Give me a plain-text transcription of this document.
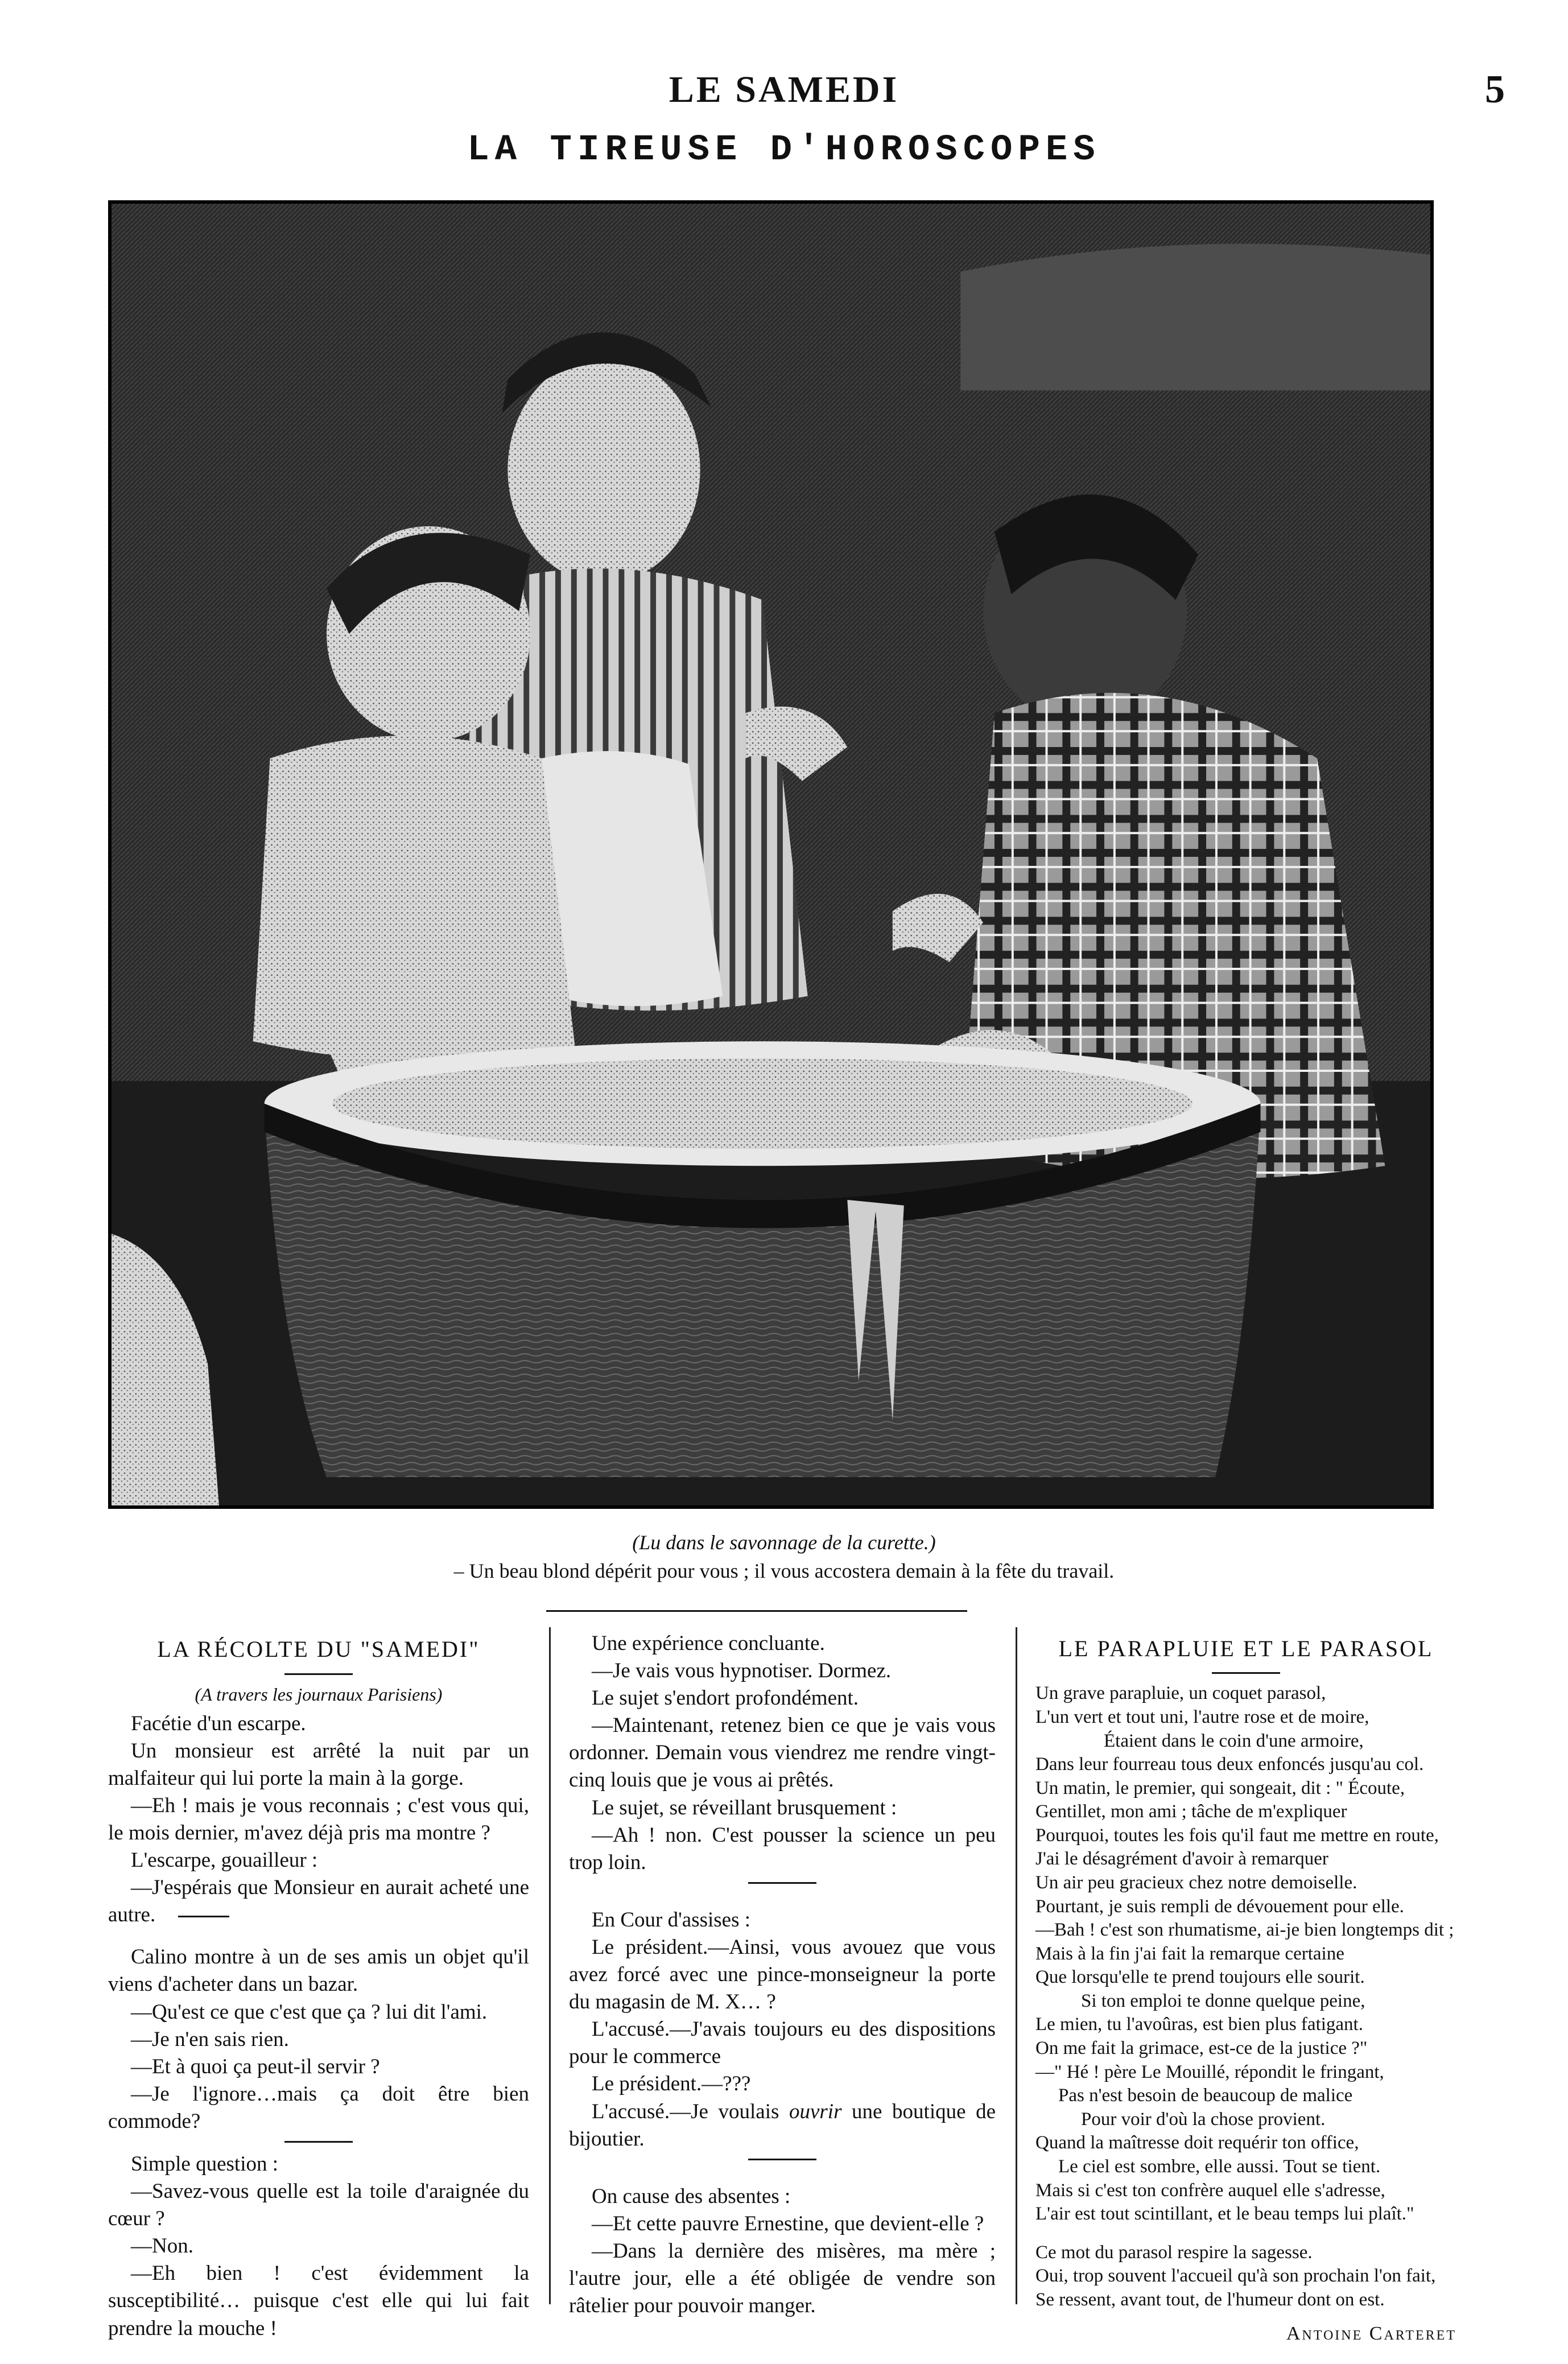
LE SAMEDI	5
LA TIREUSE D'HOROSCOPES
(Lu dans le savonnage de la curette.)
– Un beau blond dépérit pour vous ; il vous accostera demain à la fête du travail.

LA RÉCOLTE DU "SAMEDI"

(A travers les journaux Parisiens)

Facétie d'un escarpe.

Un monsieur est arrêté la nuit par un malfaiteur qui lui porte la main à la gorge.

—Eh ! mais je vous reconnais ; c'est vous qui, le mois dernier, m'avez déjà pris ma montre ?

L'escarpe, gouailleur :

—J'espérais que Monsieur en aurait acheté une autre.

Calino montre à un de ses amis un objet qu'il viens d'acheter dans un bazar.

—Qu'est ce que c'est que ça ? lui dit l'ami.

—Je n'en sais rien.

—Et à quoi ça peut-il servir ?

—Je l'ignore…mais ça doit être bien commode?

Simple question :

—Savez-vous quelle est la toile d'araignée du cœur ?

—Non.

—Eh bien ! c'est évidemment la susceptibilité… puisque c'est elle qui lui fait prendre la mouche !

Une expérience concluante.

—Je vais vous hypnotiser. Dormez.

Le sujet s'endort profondément.

—Maintenant, retenez bien ce que je vais vous ordonner. Demain vous viendrez me rendre vingt-cinq louis que je vous ai prêtés.

Le sujet, se réveillant brusquement :

—Ah ! non. C'est pousser la science un peu trop loin.

En Cour d'assises :

Le président.—Ainsi, vous avouez que vous avez forcé avec une pince-monseigneur la porte du magasin de M. X… ?

L'accusé.—J'avais toujours eu des dispositions pour le commerce

Le président.—???

L'accusé.—Je voulais ouvrir une boutique de bijoutier.

On cause des absentes :

—Et cette pauvre Ernestine, que devient-elle ?

—Dans la dernière des misères, ma mère ; l'autre jour, elle a été obligée de vendre son râtelier pour pouvoir manger.

LE PARAPLUIE ET LE PARASOL

Un grave parapluie, un coquet parasol,

L'un vert et tout uni, l'autre rose et de moire,

Étaient dans le coin d'une armoire,

Dans leur fourreau tous deux enfoncés jusqu'au col.

Un matin, le premier, qui songeait, dit : " Écoute,

Gentillet, mon ami ; tâche de m'expliquer

Pourquoi, toutes les fois qu'il faut me mettre en route,

J'ai le désagrément d'avoir à remarquer

Un air peu gracieux chez notre demoiselle.

Pourtant, je suis rempli de dévouement pour elle.

—Bah ! c'est son rhumatisme, ai-je bien longtemps dit ;

Mais à la fin j'ai fait la remarque certaine

Que lorsqu'elle te prend toujours elle sourit.

Si ton emploi te donne quelque peine,

Le mien, tu l'avoûras, est bien plus fatigant.

On me fait la grimace, est-ce de la justice ?"

—" Hé ! père Le Mouillé, répondit le fringant,

Pas n'est besoin de beaucoup de malice

Pour voir d'où la chose provient.

Quand la maîtresse doit requérir ton office,

Le ciel est sombre, elle aussi. Tout se tient.

Mais si c'est ton confrère auquel elle s'adresse,

L'air est tout scintillant, et le beau temps lui plaît."

Ce mot du parasol respire la sagesse.

Oui, trop souvent l'accueil qu'à son prochain l'on fait,

Se ressent, avant tout, de l'humeur dont on est.

Antoine Carteret
